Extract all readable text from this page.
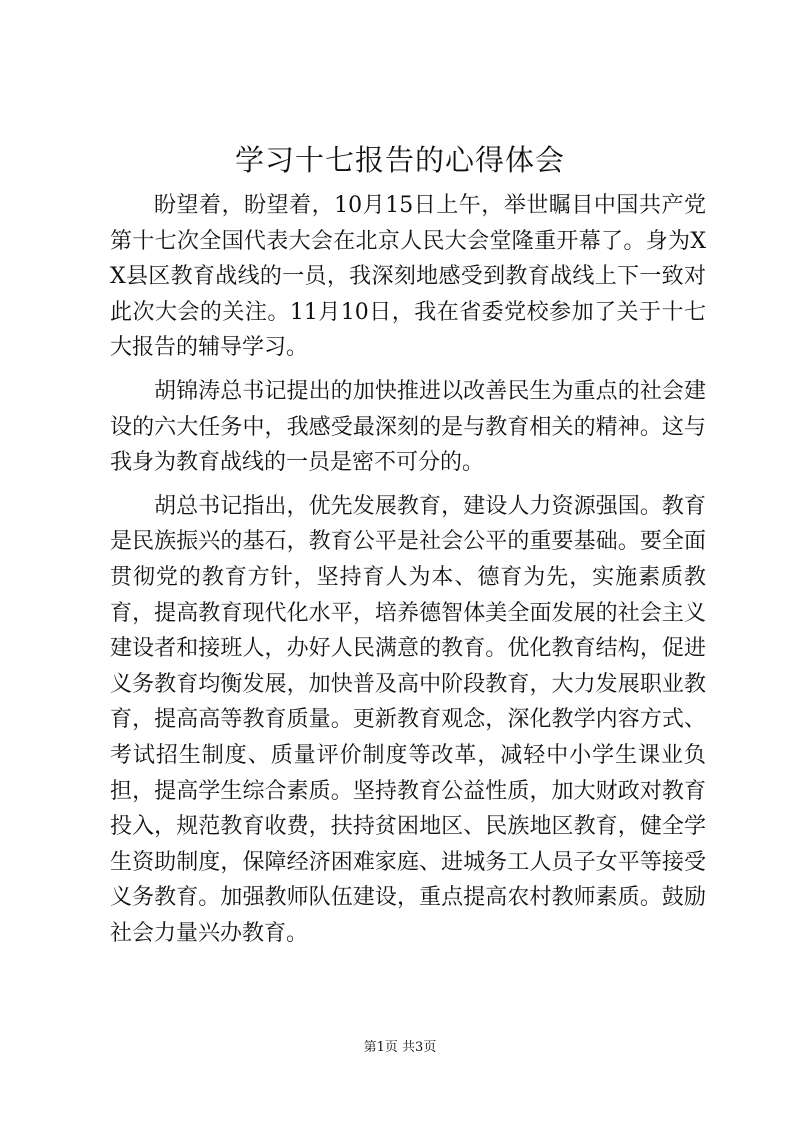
学习十七报告的心得体会

盼望着，盼望着，10月15日上午，举世瞩目中国共产党第十七次全国代表大会在北京人民大会堂隆重开幕了。身为XX县区教育战线的一员，我深刻地感受到教育战线上下一致对此次大会的关注。11月10日，我在省委党校参加了关于十七大报告的辅导学习。

胡锦涛总书记提出的加快推进以改善民生为重点的社会建设的六大任务中，我感受最深刻的是与教育相关的精神。这与我身为教育战线的一员是密不可分的。

胡总书记指出，优先发展教育，建设人力资源强国。教育是民族振兴的基石，教育公平是社会公平的重要基础。要全面贯彻党的教育方针，坚持育人为本、德育为先，实施素质教育，提高教育现代化水平，培养德智体美全面发展的社会主义建设者和接班人，办好人民满意的教育。优化教育结构，促进义务教育均衡发展，加快普及高中阶段教育，大力发展职业教育，提高高等教育质量。更新教育观念，深化教学内容方式、考试招生制度、质量评价制度等改革，减轻中小学生课业负担，提高学生综合素质。坚持教育公益性质，加大财政对教育投入，规范教育收费，扶持贫困地区、民族地区教育，健全学生资助制度，保障经济困难家庭、进城务工人员子女平等接受义务教育。加强教师队伍建设，重点提高农村教师素质。鼓励社会力量兴办教育。

第1页 共3页
